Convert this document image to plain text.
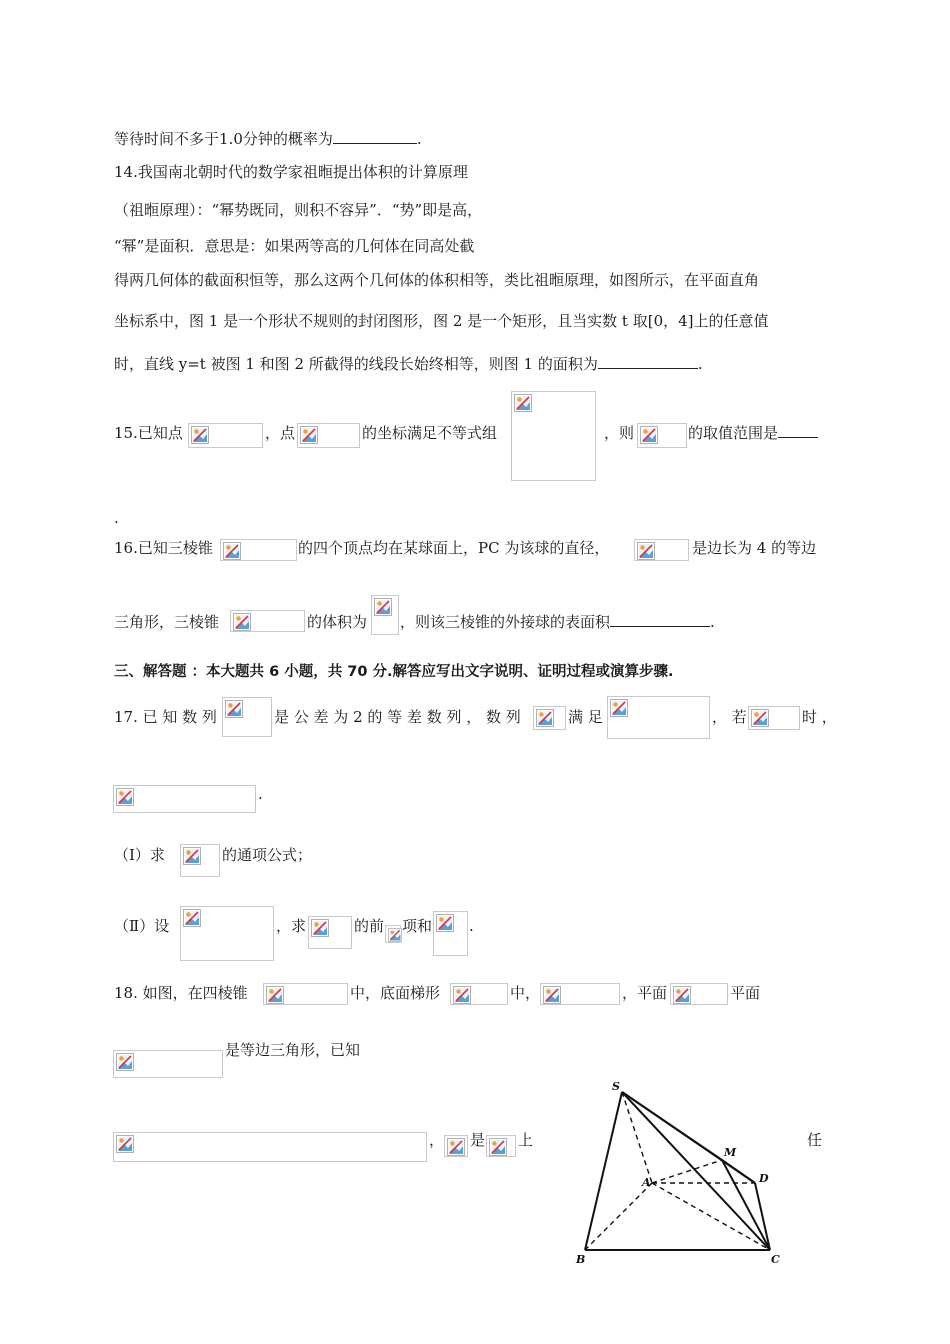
等待时间不多于1.0分钟的概率为	.
14.我国南北朝时代的数学家祖暅提出体积的计算原理
（祖暅原理）：“幂势既同，则积不容异”．“势”即是高，
“幂”是面积．意思是：如果两等高的几何体在同高处截
得两几何体的截面积恒等，那么这两个几何体的体积相等，类比祖暅原理，如图所示，在平面直角
坐标系中，图 1 是一个形状不规则的封闭图形，图 2 是一个矩形，且当实数 t 取[0，4]上的任意值
时，直线 y=t 被图 1 和图 2 所截得的线段长始终相等，则图 1 的面积为	.
15.已知点	，点	的坐标满足不等式组	，则	的取值范围是
.
16.已知三棱锥	的四个顶点均在某球面上，PC 为该球的直径，	是边长为 4 的等边
三角形，三棱锥	的体积为 ，则该三棱锥的外接球的表面积	.
三、解答题 ：本大题共 6 小题，共 70 分.解答应写出文字说明、证明过程或演算步骤.
17. 已 知 数 列	是 公 差 为 2 的 等 差 数 列 ， 数 列	满 足	， 若	时 ，
.
（Ⅰ）求	的通项公式；
（Ⅱ）设	，求	的前 项和 .
18. 如图，在四棱锥	中，底面梯形	中，	，平面	平面
是等边三角形，已知
， 是 上	任
S
M
A	D
B	C
